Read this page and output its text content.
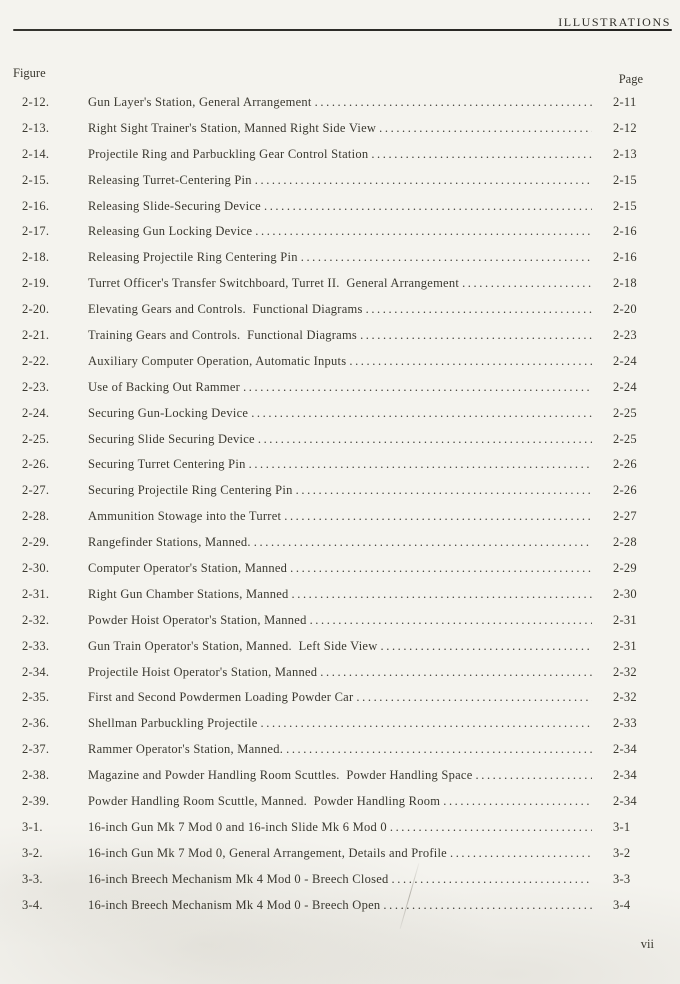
ILLUSTRATIONS
Figure	Page
2-12.	Gun Layer's Station, General Arrangement .....	2-11
2-13.	Right Sight Trainer's Station, Manned Right Side View .....	2-12
2-14.	Projectile Ring and Parbuckling Gear Control Station .....	2-13
2-15.	Releasing Turret-Centering Pin .....	2-15
2-16.	Releasing Slide-Securing Device .....	2-15
2-17.	Releasing Gun Locking Device .....	2-16
2-18.	Releasing Projectile Ring Centering Pin .....	2-16
2-19.	Turret Officer's Transfer Switchboard, Turret II.  General Arrangement .....	2-18
2-20.	Elevating Gears and Controls.  Functional Diagrams .....	2-20
2-21.	Training Gears and Controls.  Functional Diagrams .....	2-23
2-22.	Auxiliary Computer Operation, Automatic Inputs .....	2-24
2-23.	Use of Backing Out Rammer .....	2-24
2-24.	Securing Gun-Locking Device .....	2-25
2-25.	Securing Slide Securing Device .....	2-25
2-26.	Securing Turret Centering Pin .....	2-26
2-27.	Securing Projectile Ring Centering Pin .....	2-26
2-28.	Ammunition Stowage into the Turret .....	2-27
2-29.	Rangefinder Stations, Manned. .....	2-28
2-30.	Computer Operator's Station, Manned .....	2-29
2-31.	Right Gun Chamber Stations, Manned .....	2-30
2-32.	Powder Hoist Operator's Station, Manned .....	2-31
2-33.	Gun Train Operator's Station, Manned.  Left Side View .....	2-31
2-34.	Projectile Hoist Operator's Station, Manned .....	2-32
2-35.	First and Second Powdermen Loading Powder Car .....	2-32
2-36.	Shellman Parbuckling Projectile .....	2-33
2-37.	Rammer Operator's Station, Manned. .....	2-34
2-38.	Magazine and Powder Handling Room Scuttles.  Powder Handling Space .....	2-34
2-39.	Powder Handling Room Scuttle, Manned.  Powder Handling Room .....	2-34
3-1.	16-inch Gun Mk 7 Mod 0 and 16-inch Slide Mk 6 Mod 0 .....	3-1
3-2.	16-inch Gun Mk 7 Mod 0, General Arrangement, Details and Profile .....	3-2
3-3.	16-inch Breech Mechanism Mk 4 Mod 0 - Breech Closed .....	3-3
3-4.	16-inch Breech Mechanism Mk 4 Mod 0 - Breech Open .....	3-4
vii
